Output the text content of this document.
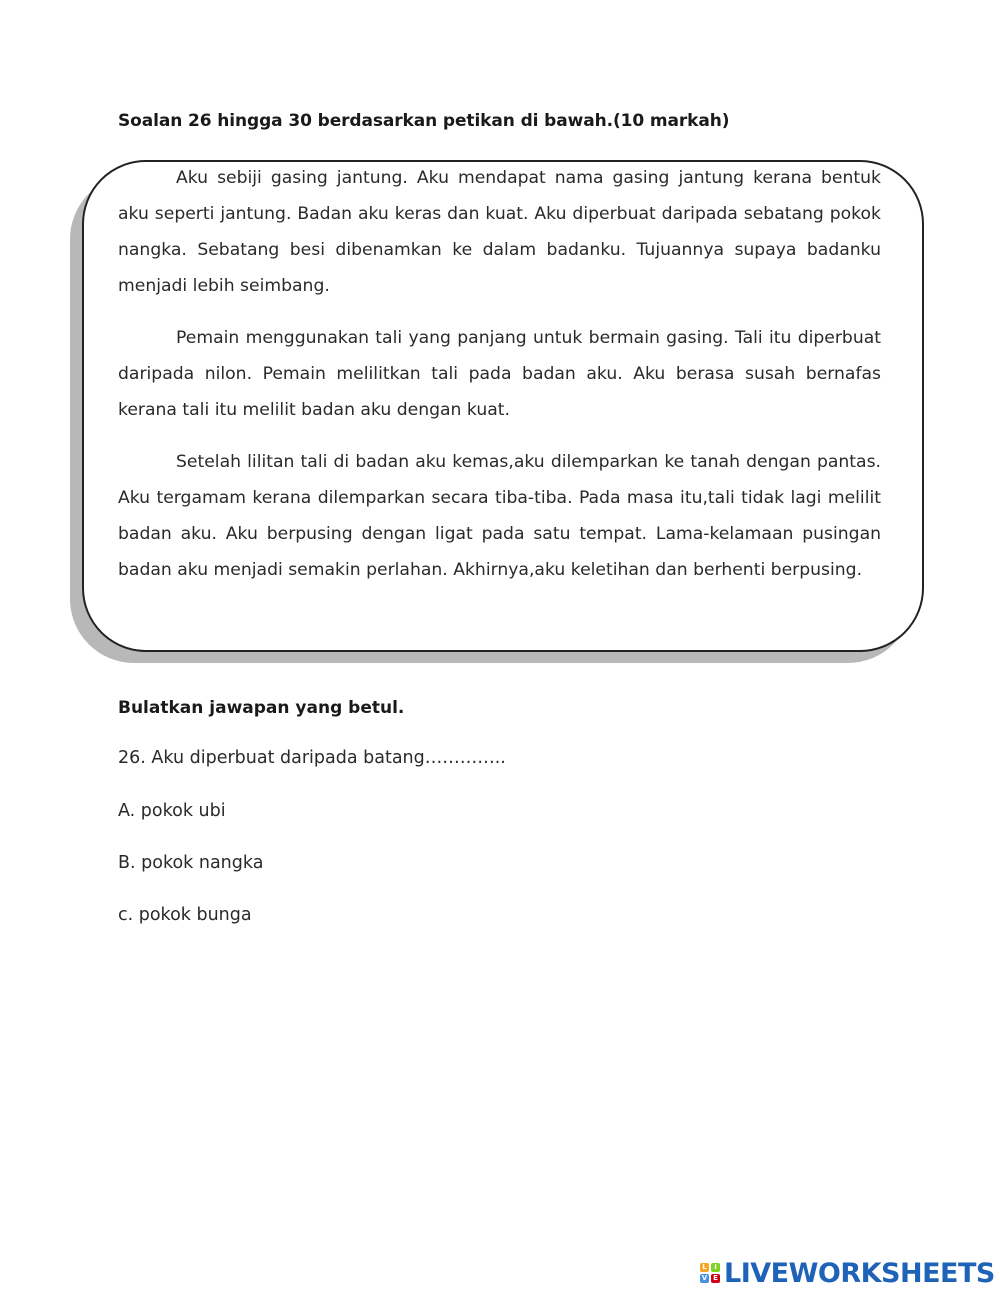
Soalan 26 hingga 30 berdasarkan petikan di bawah.(10 markah)

Aku sebiji gasing jantung. Aku mendapat nama gasing jantung kerana bentuk aku seperti jantung. Badan aku keras dan kuat. Aku diperbuat daripada sebatang pokok nangka. Sebatang besi dibenamkan ke dalam badanku. Tujuannya supaya badanku menjadi lebih seimbang.

Pemain menggunakan tali yang panjang untuk bermain gasing. Tali itu diperbuat daripada nilon. Pemain melilitkan tali pada badan aku. Aku berasa susah bernafas kerana tali itu melilit badan aku dengan kuat.

Setelah lilitan tali di badan aku kemas,aku dilemparkan ke tanah dengan pantas. Aku tergamam kerana dilemparkan secara tiba-tiba. Pada masa itu,tali tidak lagi melilit badan aku. Aku berpusing dengan ligat pada satu tempat. Lama-kelamaan pusingan badan aku menjadi semakin perlahan. Akhirnya,aku keletihan dan berhenti berpusing.

Bulatkan jawapan yang betul.
26. Aku diperbuat daripada batang…………..
A. pokok ubi
B. pokok nangka
c. pokok bunga
L	I
V E LIVEWORKSHEETS
